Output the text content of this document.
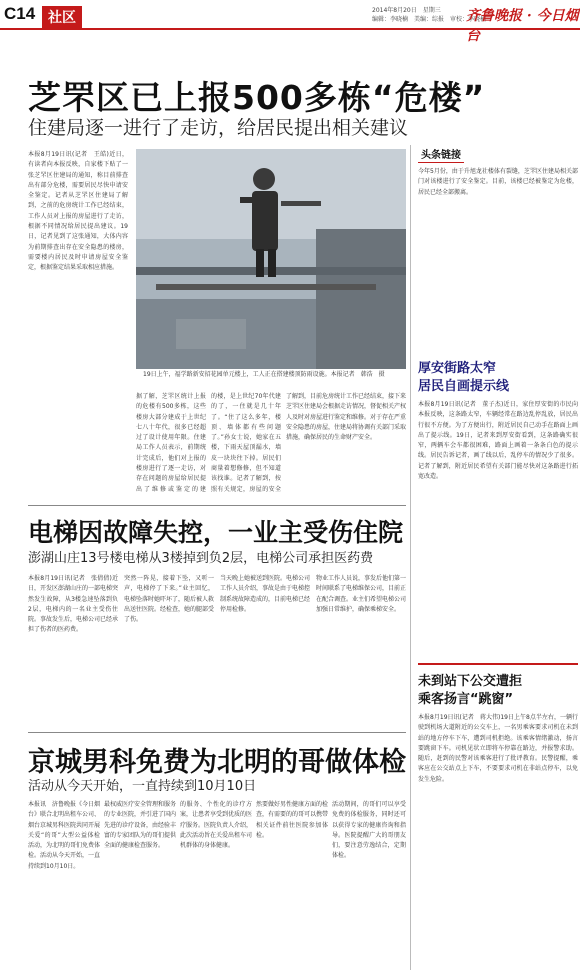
C14 社区	2014年8月20日　星期三
编辑：李晓楠　美编：综报　审校：李晓楠
齐鲁晚报 · 今日烟台
芝罘区已上报500多栋“危楼”
住建局逐一进行了走访，给居民提出相关建议
本报8月19日讯(记者　王皓)近日，有读者向本报反映，自家楼下贴了一张芝罘区住建局的通知，称目前排查出有部分危楼，需要居民尽快申请安全鉴定。记者从芝罘区住建局了解到，之前的危房统计工作已经结束，工作人员对上报的房屋进行了走访，根据不同情况给居民提出建议。19日，记者见到了这张通知，大体内容为前期排查出存在安全隐患的楼房，需要楼内居民及时申请房屋安全鉴定，根据鉴定结果采取相应措施。
19日上午，福学路新安招花园单元楼上，工人正在搭建楼顶防雨设施。本报记者　韩浩　摄
据了解，芝罘区统计上报的危楼有500多栋，这些楼房大部分建成于上世纪七八十年代，很多已经超过了设计使用年限。住建局工作人员表示，前期统计完成后，他们对上报的楼房进行了逐一走访，对存在问题的房屋给居民提出了维修或鉴定的建
的楼，是上世纪70年代建的了，一住就是几十年了。“住了这么多年，楼顶、墙体都有些问题了。”孙女士说，她家在五楼，下雨天屋顶漏水，墙皮一块块往下掉。居民们商量着想修修，但不知道该找谁。记者了解到，按照有关规定，房屋的安全
了解到，目前危房统计工作已经结束，接下来芝罘区住建局会根据走访情况，督促相关产权人及时对房屋进行鉴定和维修。对于存在严重安全隐患的房屋，住建局将协调有关部门采取措施，确保居民的生命财产安全。
头条链接
今年5月份，由于升旭龙社楼体有裂缝，芝罘区住建局相关部门对该楼进行了安全鉴定。目前，该楼已经被鉴定为危楼，居民已经全部搬离。
厚安街路太窄
居民自画提示线
本报8月19日讯(记者　董子杰)近日，家住厚安街的市民向本报反映，这条路太窄，车辆经常在路边乱停乱放，居民出行很不方便。为了方便出行，附近居民自己动手在路面上画出了提示线。19日，记者来到厚安街看到，这条路确实很窄，两辆车会车都很困难，路面上画着一条条白色的提示线。居民告诉记者，画了线以后，乱停车的情况少了很多。记者了解到，附近居民希望有关部门能尽快对这条路进行拓宽改造。
未到站下公交遭拒
乘客扬言“跳窗”
本报8月19日讯(记者　蒋大伟)19日上午8点半左右，一辆行驶到机场大道附近的公交车上，一名男乘客要求司机在未到站的地方停车下车，遭到司机拒绝。该乘客情绪激动，扬言要跳窗下车。司机见状立即将车停靠在路边，并报警求助。随后，赶到的民警对该乘客进行了批评教育。民警提醒，乘客应在公交站点上下车，不要要求司机在非站点停车，以免发生危险。
电梯因故障失控，一业主受伤住院
澎湖山庄13号楼电梯从3楼掉到负2层，电梯公司承担医药费
本报8月19日讯(记者　张倩倩)近日，开发区澎湖山庄的一部电梯突然发生故障，从3楼急速坠落到负2层，电梯内的一名业主受伤住院。事故发生后，电梯公司已经承担了伤者的医药费。
突然一阵晃，接着下坠，又听一声，电梯停了下来。”业主回忆，电梯坠落时她吓坏了，随后被人救出送往医院。经检查，她的腿部受了伤。
当天晚上她被送到医院。电梯公司工作人员介绍，事故是由于电梯控制系统故障造成的，目前电梯已经停用检修。
物业工作人员说，事发后他们第一时间联系了电梯维保公司，目前正在配合调查。业主们希望电梯公司加强日常维护，确保乘梯安全。
京城男科免费为北明的哥做体检
活动从今天开始，一直持续到10月10日
本报讯　济鲁晚报《今日烟台》联合北明出租车公司、烟台京城男科医院共同开展关爱“的哥”大型公益体检活动，为北明的哥们免费体检。活动从今天开始，一直持续到10月10日。
最权威医疗安全管理和服务的专业医院，并引进了国内先进的诊疗设备，由经验丰富的专家团队为的哥们提供全面的健康检查服务。
的服务、个性化的诊疗方案，让患者享受到优质的医疗服务。医院负责人介绍，此次活动旨在关爱出租车司机群体的身体健康。
然要做好男性健康方面的检查，有需要的的哥可以携带相关证件前往医院参加体检。
活动期间，的哥们可以享受免费的体检服务，同时还可以获得专家的健康咨询和指导。医院提醒广大的哥朋友们，要注意劳逸结合，定期体检。
